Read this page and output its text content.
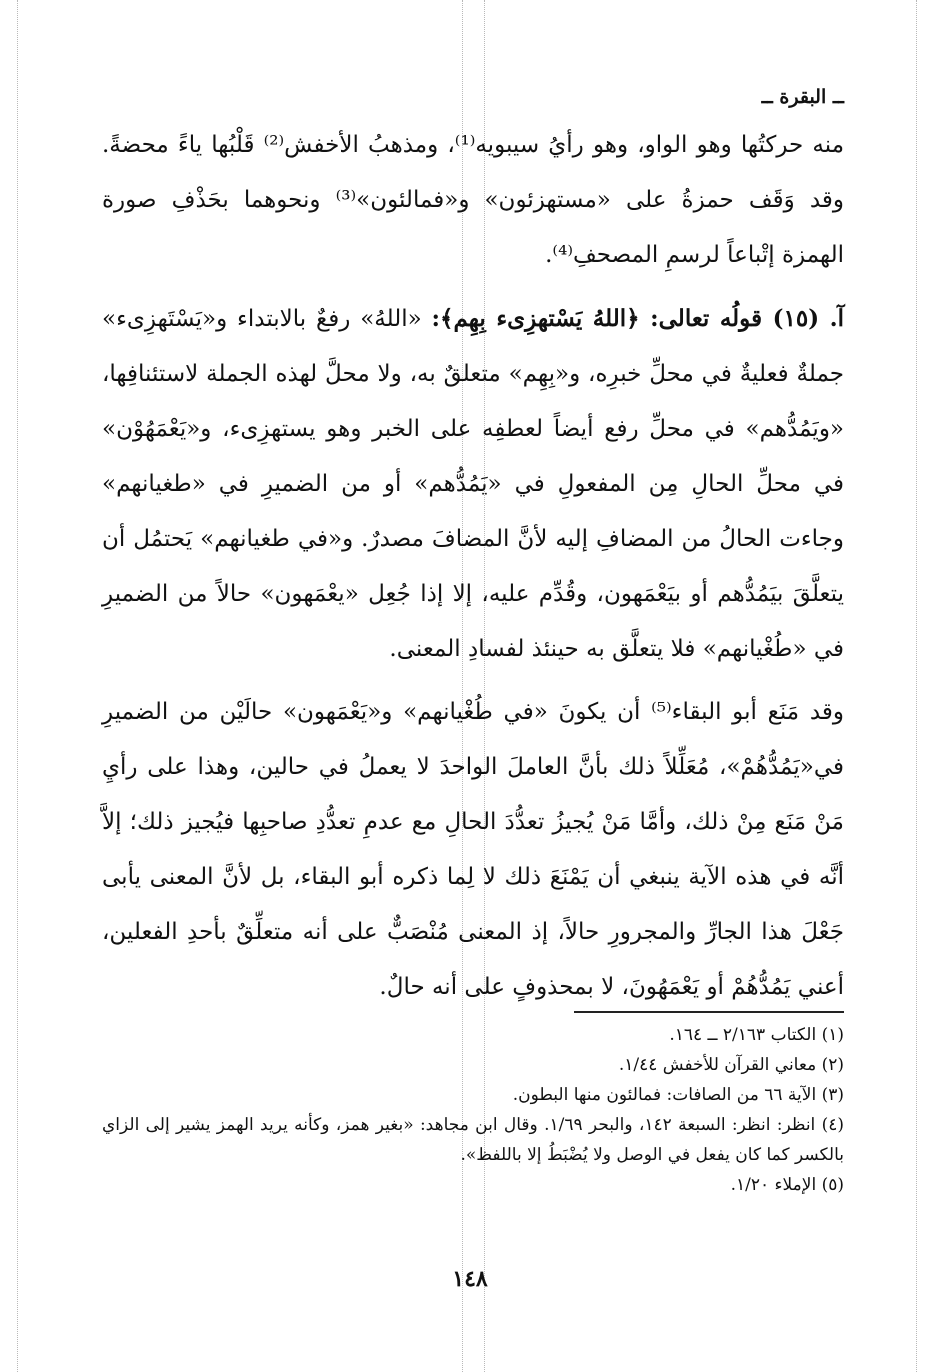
ــ البقرة ــ

منه حركتُها وهو الواو، وهو رأيُ سيبويه⁽¹⁾، ومذهبُ الأخفش⁽²⁾ قَلْبُها ياءً محضةً. وقد وَقَف حمزةُ على «مستهزئون» و«فمالئون»⁽³⁾ ونحوهما بحَذْفِ صورة الهمزة إتْباعاً لرسمِ المصحفِ⁽⁴⁾.

آ. (١٥) قولُه تعالى: ﴿اللهُ يَسْتهزِىء بِهِم﴾: «اللهُ» رفعٌ بالابتداء و«يَسْتَهزِىء» جملةٌ فعليةٌ في محلِّ خبرِه، و«بِهِم» متعلقٌ به، ولا محلَّ لهذه الجملة لاستئنافِها، «ويَمُدُّهم» في محلِّ رفع أيضاً لعطفِه على الخبر وهو يستهزِىء، و«يَعْمَهُوْن» في محلِّ الحالِ مِن المفعولِ في «يَمُدُّهم» أو من الضميرِ في «طغيانهم» وجاءت الحالُ من المضافِ إليه لأنَّ المضافَ مصدرٌ. و«في طغيانهم» يَحتمُل أن يتعلَّقَ بيَمُدُّهم أو بيَعْمَهون، وقُدِّم عليه، إلا إذا جُعِل «يعْمَهون» حالاً من الضميرِ في «طُغْيانهم» فلا يتعلَّق به حينئذ لفسادِ المعنى.

وقد مَنَع أبو البقاء⁽⁵⁾ أن يكونَ «في طُغْيانهم» و«يَعْمَهون» حالَيْن من الضميرِ في«يَمُدُّهُمْ»، مُعَلِّلاً ذلك بأنَّ العاملَ الواحدَ لا يعملُ في حالين، وهذا على رأيِ مَنْ مَنَع مِنْ ذلك، وأمَّا مَنْ يُجيزُ تعدُّدَ الحالِ مع عدمِ تعدُّدِ صاحبِها فيُجيز ذلك؛ إلاَّ أنَّه في هذه الآية ينبغي أن يَمْنَعَ ذلك لا لِما ذكره أبو البقاء، بل لأنَّ المعنى يأبى جَعْلَ هذا الجارِّ والمجرورِ حالاً، إذ المعنى مُنْصَبٌّ على أنه متعلِّقٌ بأحدِ الفعلين، أعني يَمُدُّهُمْ أو يَعْمَهُونَ، لا بمحذوفٍ على أنه حالٌ.

(١) الكتاب ٢/١٦٣ ــ ١٦٤.

(٢) معاني القرآن للأخفش ١/٤٤.

(٣) الآية ٦٦ من الصافات: فمالئون منها البطون.

(٤) انظر: انظر: السبعة ١٤٢، والبحر ١/٦٩. وقال ابن مجاهد: «بغير همز، وكأنه يريد الهمز يشير إلى الزاي بالكسر كما كان يفعل في الوصل ولا يُضْبَطُ إلا باللفظ».

(٥) الإملاء ١/٢٠.

١٤٨
